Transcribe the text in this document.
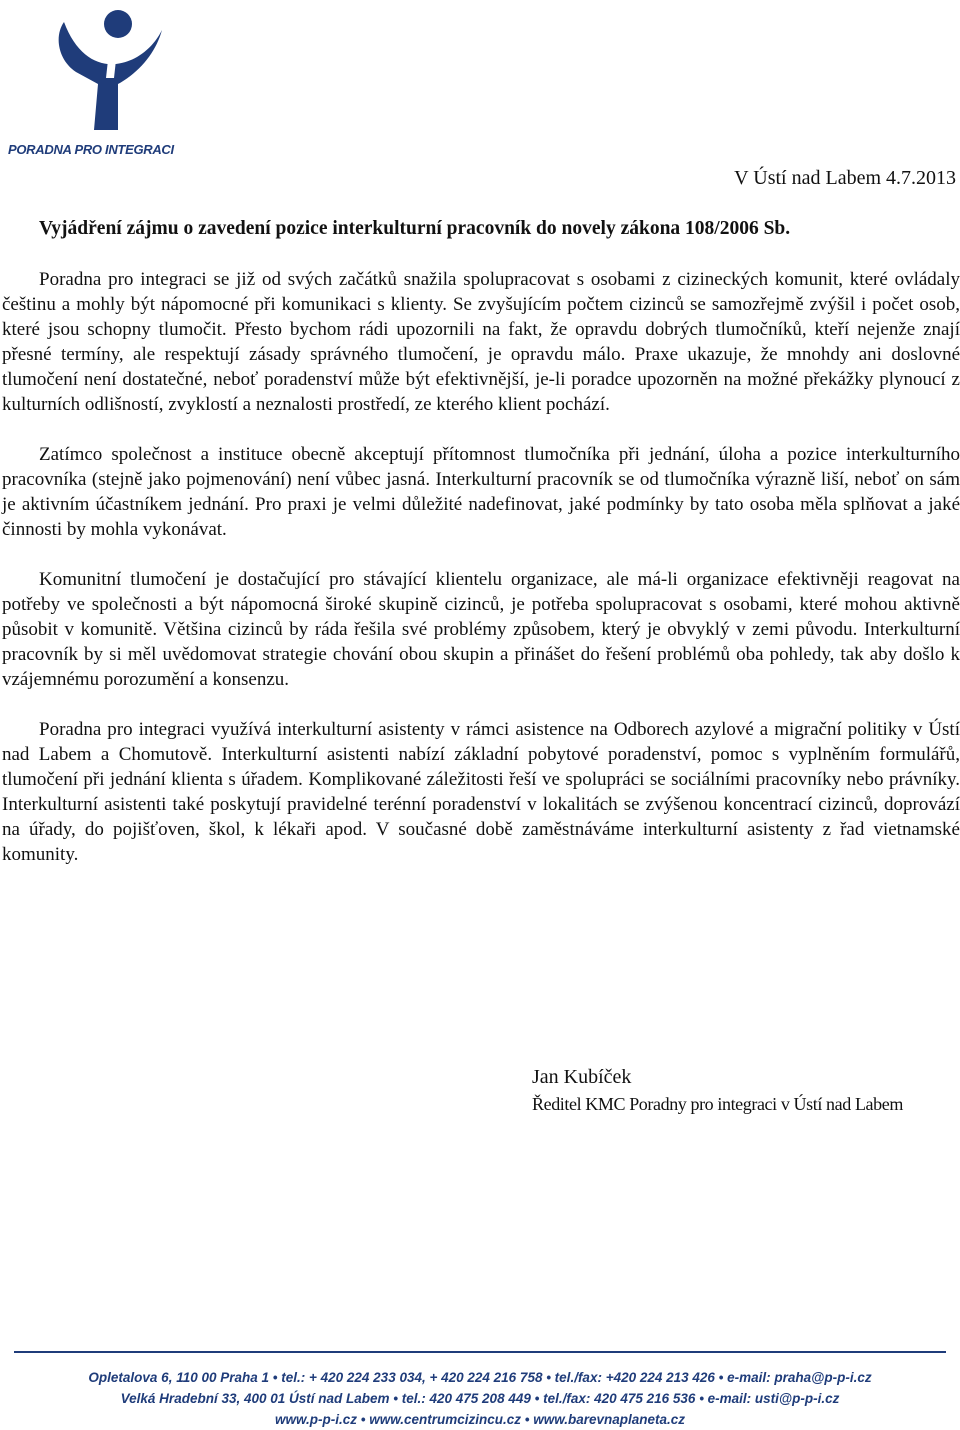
PORADNA PRO INTEGRACI
V Ústí nad Labem 4.7.2013
Vyjádření zájmu o zavedení pozice interkulturní pracovník do novely zákona 108/2006 Sb.

Poradna pro integraci se již od svých začátků snažila spolupracovat s osobami z cizineckých komunit, které ovládaly češtinu a mohly být nápomocné při komunikaci s klienty. Se zvyšujícím počtem cizinců se samozřejmě zvýšil i počet osob, které jsou schopny tlumočit. Přesto bychom rádi upozornili na fakt, že opravdu dobrých tlumočníků, kteří nejenže znají přesné termíny, ale respektují zásady správného tlumočení, je opravdu málo. Praxe ukazuje, že mnohdy ani doslovné tlumočení není dostatečné, neboť poradenství může být efektivnější, je-li poradce upozorněn na možné překážky plynoucí z kulturních odlišností, zvyklostí a neznalosti prostředí, ze kterého klient pochází.

Zatímco společnost a instituce obecně akceptují přítomnost tlumočníka při jednání, úloha a pozice interkulturního pracovníka (stejně jako pojmenování) není vůbec jasná. Interkulturní pracovník se od tlumočníka výrazně liší, neboť on sám je aktivním účastníkem jednání. Pro praxi je velmi důležité nadefinovat, jaké podmínky by tato osoba měla splňovat a jaké činnosti by mohla vykonávat.

Komunitní tlumočení je dostačující pro stávající klientelu organizace, ale má-li organizace efektivněji reagovat na potřeby ve společnosti a být nápomocná široké skupině cizinců, je potřeba spolupracovat s osobami, které mohou aktivně působit v komunitě. Většina cizinců by ráda řešila své problémy způsobem, který je obvyklý v zemi původu. Interkulturní pracovník by si měl uvědomovat strategie chování obou skupin a přinášet do řešení problémů oba pohledy, tak aby došlo k vzájemnému porozumění a konsenzu.

Poradna pro integraci využívá interkulturní asistenty v rámci asistence na Odborech azylové a migrační politiky v Ústí nad Labem a Chomutově. Interkulturní asistenti nabízí základní pobytové poradenství, pomoc s vyplněním formulářů, tlumočení při jednání klienta s úřadem. Komplikované záležitosti řeší ve spolupráci se sociálními pracovníky nebo právníky. Interkulturní asistenti také poskytují pravidelné terénní poradenství v lokalitách se zvýšenou koncentrací cizinců, doprovází na úřady, do pojišťoven, škol, k lékaři apod. V současné době zaměstnáváme interkulturní asistenty z řad vietnamské komunity.

Jan Kubíček
Ředitel KMC Poradny pro integraci v Ústí nad Labem
Opletalova 6, 110 00 Praha 1 • tel.: + 420 224 233 034, + 420 224 216 758 • tel./fax: +420 224 213 426 • e-mail: praha@p-p-i.cz
Velká Hradební 33, 400 01 Ústí nad Labem • tel.: 420 475 208 449 • tel./fax: 420 475 216 536 • e-mail: usti@p-p-i.cz
www.p-p-i.cz • www.centrumcizincu.cz • www.barevnaplaneta.cz
